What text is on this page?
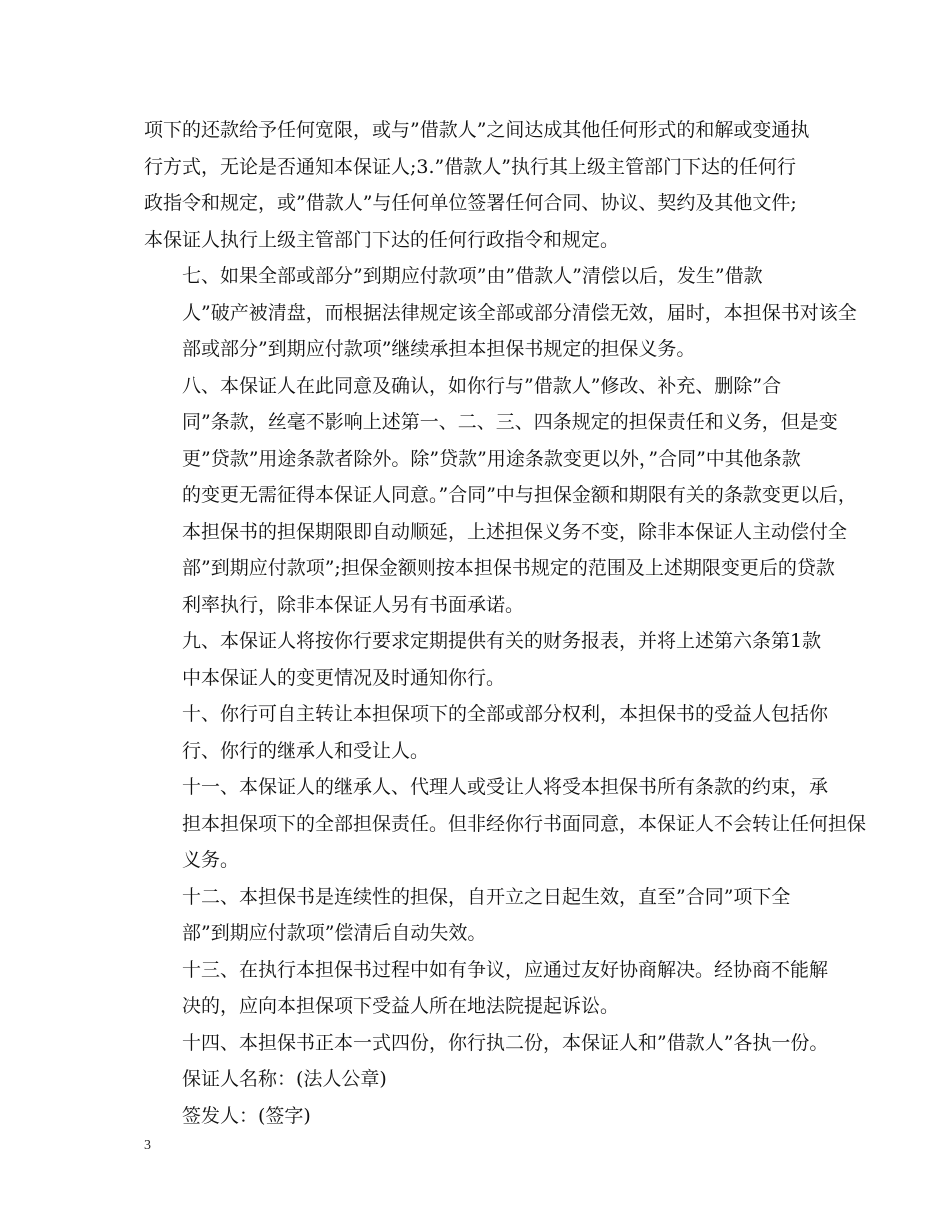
项下的还款给予任何宽限，或与”借款人”之间达成其他任何形式的和解或变通执
行方式，无论是否通知本保证人;3.”借款人”执行其上级主管部门下达的任何行
政指令和规定，或”借款人”与任何单位签署任何合同、协议、契约及其他文件;
本保证人执行上级主管部门下达的任何行政指令和规定。

七、如果全部或部分”到期应付款项”由”借款人”清偿以后，发生”借款
人”破产被清盘，而根据法律规定该全部或部分清偿无效，届时，本担保书对该全
部或部分”到期应付款项”继续承担本担保书规定的担保义务。

八、本保证人在此同意及确认，如你行与”借款人”修改、补充、删除”合
同”条款，丝毫不影响上述第一、二、三、四条规定的担保责任和义务，但是变
更”贷款”用途条款者除外。除”贷款”用途条款变更以外，”合同”中其他条款
的变更无需征得本保证人同意。”合同”中与担保金额和期限有关的条款变更以后，
本担保书的担保期限即自动顺延，上述担保义务不变，除非本保证人主动偿付全
部”到期应付款项”;担保金额则按本担保书规定的范围及上述期限变更后的贷款
利率执行，除非本保证人另有书面承诺。

九、本保证人将按你行要求定期提供有关的财务报表，并将上述第六条第1款
中本保证人的变更情况及时通知你行。

十、你行可自主转让本担保项下的全部或部分权利，本担保书的受益人包括你
行、你行的继承人和受让人。

十一、本保证人的继承人、代理人或受让人将受本担保书所有条款的约束，承
担本担保项下的全部担保责任。但非经你行书面同意，本保证人不会转让任何担保
义务。

十二、本担保书是连续性的担保，自开立之日起生效，直至”合同”项下全
部”到期应付款项”偿清后自动失效。

十三、在执行本担保书过程中如有争议，应通过友好协商解决。经协商不能解
决的，应向本担保项下受益人所在地法院提起诉讼。

十四、本担保书正本一式四份，你行执二份，本保证人和”借款人”各执一份。

保证人名称：(法人公章)

签发人：(签字)

3
